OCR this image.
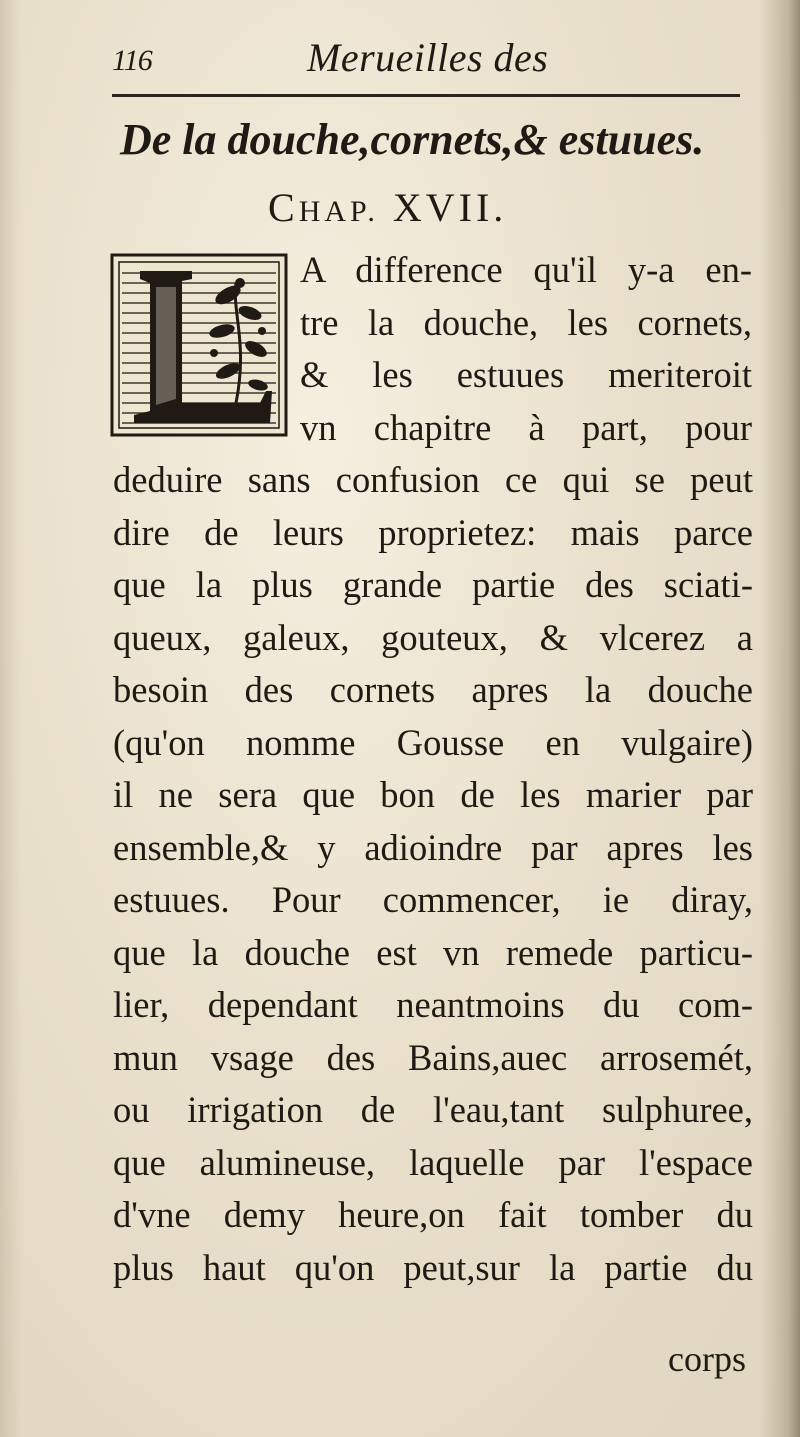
116	Merueilles des
De la douche,cornets,& estuues.
CHAP. XVII.
A difference qu'il y-a en-
tre la douche, les cornets,
& les estuues meriteroit
vn chapitre à part, pour
deduire sans confusion ce qui se peut
dire de leurs proprietez: mais parce
que la plus grande partie des sciati-
queux, galeux, gouteux, & vlcerez a
besoin des cornets apres la douche
(qu'on nomme Gousse en vulgaire)
il ne sera que bon de les marier par
ensemble,& y adioindre par apres les
estuues. Pour commencer, ie diray,
que la douche est vn remede particu-
lier, dependant neantmoins du com-
mun vsage des Bains,auec arrosemét,
ou irrigation de l'eau,tant sulphuree,
que alumineuse, laquelle par l'espace
d'vne demy heure,on fait tomber du
plus haut qu'on peut,sur la partie du
corps
